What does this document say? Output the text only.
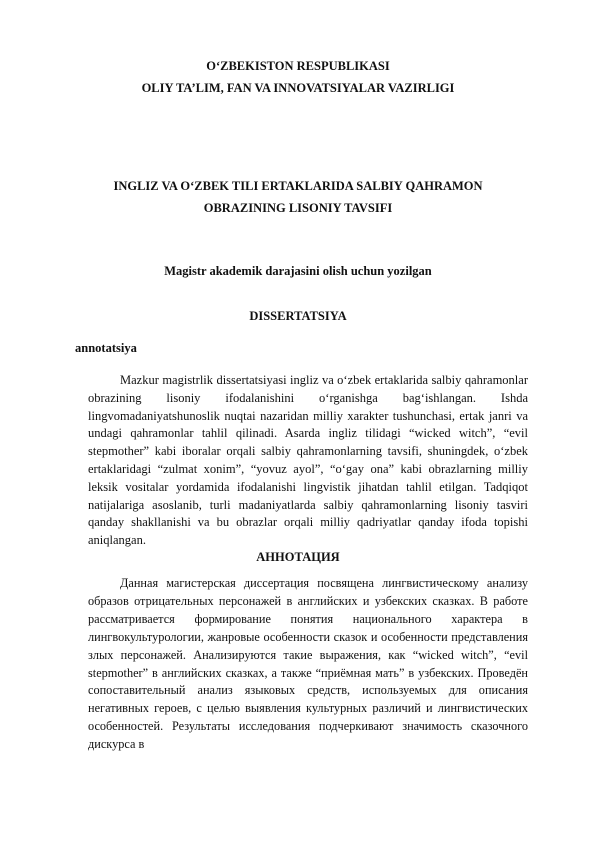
O‘ZBEKISTON RESPUBLIKASI
OLIY TA’LIM, FAN VA INNOVATSIYALAR VAZIRLIGI
INGLIZ VA O‘ZBEK TILI ERTAKLARIDA SALBIY QAHRAMON
OBRAZINING LISONIY TAVSIFI
Magistr akademik darajasini olish uchun yozilgan
DISSERTATSIYA
annotatsiya
Mazkur magistrlik dissertatsiyasi ingliz va o‘zbek ertaklarida salbiy qahramonlar obrazining lisoniy ifodalanishini o‘rganishga bag‘ishlangan. Ishda lingvomadaniyatshunoslik nuqtai nazaridan milliy xarakter tushunchasi, ertak janri va undagi qahramonlar tahlil qilinadi. Asarda ingliz tilidagi “wicked witch”, “evil stepmother” kabi iboralar orqali salbiy qahramonlarning tavsifi, shuningdek, o‘zbek ertaklaridagi “zulmat xonim”, “yovuz ayol”, “o‘gay ona” kabi obrazlarning milliy leksik vositalar yordamida ifodalanishi lingvistik jihatdan tahlil etilgan. Tadqiqot natijalariga asoslanib, turli madaniyatlarda salbiy qahramonlarning lisoniy tasviri qanday shakllanishi va bu obrazlar orqali milliy qadriyatlar qanday ifoda topishi aniqlangan.
АННОТАЦИЯ
Данная магистерская диссертация посвящена лингвистическому анализу образов отрицательных персонажей в английских и узбекских сказках. В работе рассматривается формирование понятия национального характера в лингвокультурологии, жанровые особенности сказок и особенности представления злых персонажей. Анализируются такие выражения, как “wicked witch”, “evil stepmother” в английских сказках, а также “приёмная мать” в узбекских. Проведён сопоставительный анализ языковых средств, используемых для описания негативных героев, с целью выявления культурных различий и лингвистических особенностей. Результаты исследования подчеркивают значимость сказочного дискурса в
